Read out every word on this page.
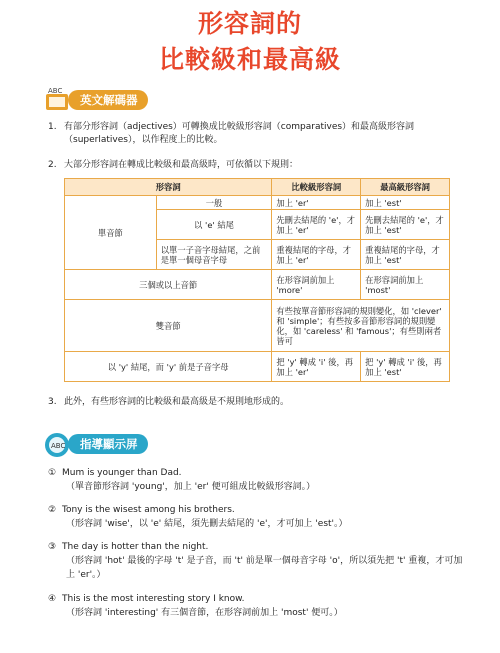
形容詞的
比較級和最高級
ABC
英文解碼器
1. 有部分形容詞（adjectives）可轉換成比較級形容詞（comparatives）和最高級形容詞
（superlatives），以作程度上的比較。
2. 大部分形容詞在轉成比較級和最高級時，可依循以下規則：
形容詞		比較級形容詞	最高級形容詞
單音節	一般	加上 'er'	加上 'est'
	以 'e' 結尾	先刪去結尾的 'e'，才加上 'er'	先刪去結尾的 'e'，才加上 'est'
	以單一子音字母結尾，之前是單一個母音字母	重複結尾的字母，才加上 'er'	重複結尾的字母，才加上 'est'
三個或以上音節		在形容詞前加上 'more'	在形容詞前加上 'most'
雙音節		有些按單音節形容詞的規則變化，如 'clever' 和 'simple'；有些按多音節形容詞的規則變化，如 'careless' 和 'famous'；有些則兩者皆可	
以 'y' 結尾，而 'y' 前是子音字母		把 'y' 轉成 'i' 後，再加上 'er'	把 'y' 轉成 'i' 後，再加上 'est'
3. 此外，有些形容詞的比較級和最高級是不規則地形成的。
ABC	指導顯示屏
① Mum is younger than Dad.
（單音節形容詞 'young'，加上 'er' 便可組成比較級形容詞。）
② Tony is the wisest among his brothers.
（形容詞 'wise'，以 'e' 結尾，須先刪去結尾的 'e'，才可加上 'est'。）
③ The day is hotter than the night.
（形容詞 'hot' 最後的字母 't' 是子音，而 't' 前是單一個母音字母 'o'，所以須先把 't' 重複，才可加上 'er'。）
④ This is the most interesting story I know.
（形容詞 'interesting' 有三個音節，在形容詞前加上 'most' 便可。）
